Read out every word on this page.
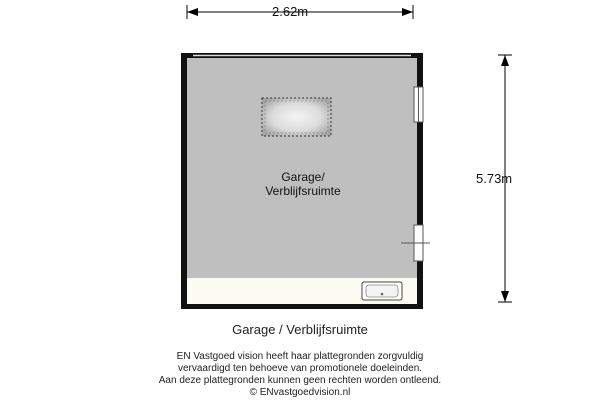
2.62m
5.73m
Garage/
Verblijfsruimte
Garage / Verblijfsruimte
EN Vastgoed vision heeft haar plattegronden zorgvuldig
vervaardigd ten behoeve van promotionele doeleinden.
Aan deze plattegronden kunnen geen rechten worden ontleend.
© ENvastgoedvision.nl
